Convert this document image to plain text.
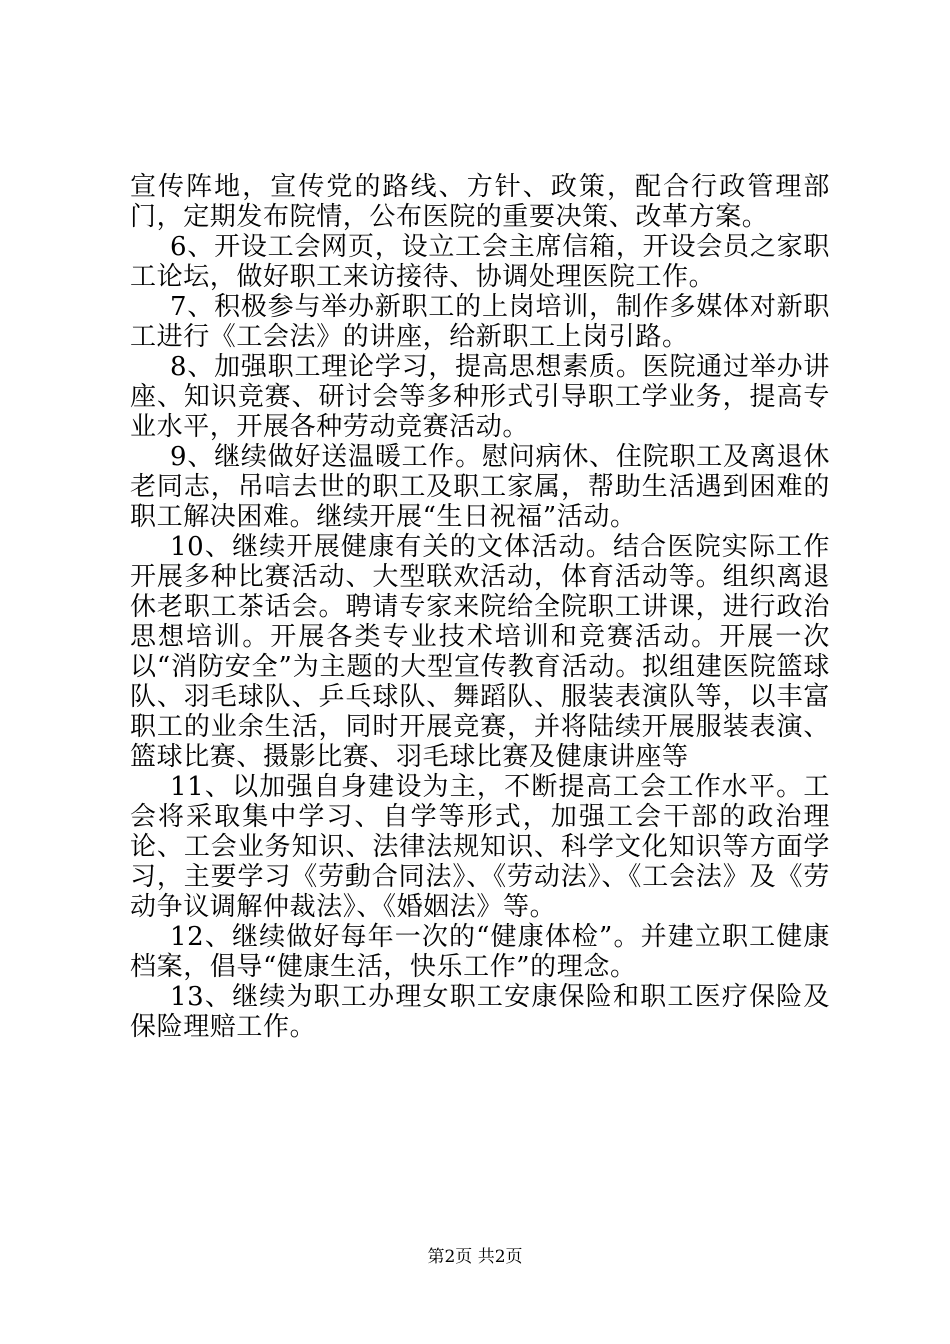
宣传阵地，宣传党的路线、方针、政策，配合行政管理部门，定期发布院情，公布医院的重要决策、改革方案。

6、开设工会网页，设立工会主席信箱，开设会员之家职工论坛，做好职工来访接待、协调处理医院工作。

7、积极参与举办新职工的上岗培训，制作多媒体对新职工进行《工会法》的讲座，给新职工上岗引路。

8、加强职工理论学习，提高思想素质。医院通过举办讲座、知识竞赛、研讨会等多种形式引导职工学业务，提高专业水平，开展各种劳动竞赛活动。

9、继续做好送温暖工作。慰问病休、住院职工及离退休老同志，吊唁去世的职工及职工家属，帮助生活遇到困难的职工解决困难。继续开展“生日祝福”活动。

10、继续开展健康有关的文体活动。结合医院实际工作开展多种比赛活动、大型联欢活动，体育活动等。组织离退休老职工茶话会。聘请专家来院给全院职工讲课，进行政治思想培训。开展各类专业技术培训和竞赛活动。开展一次以“消防安全”为主题的大型宣传教育活动。拟组建医院篮球队、羽毛球队、乒乓球队、舞蹈队、服装表演队等，以丰富职工的业余生活，同时开展竞赛，并将陆续开展服装表演、篮球比赛、摄影比赛、羽毛球比赛及健康讲座等

11、以加强自身建设为主，不断提高工会工作水平。工会将采取集中学习、自学等形式，加强工会干部的政治理论、工会业务知识、法律法规知识、科学文化知识等方面学习，主要学习《劳動合同法》、《劳动法》、《工会法》及《劳动争议调解仲裁法》、《婚姻法》等。

12、继续做好每年一次的“健康体检”。并建立职工健康档案，倡导“健康生活，快乐工作”的理念。

13、继续为职工办理女职工安康保险和职工医疗保险及保险理赔工作。

第2页 共2页
